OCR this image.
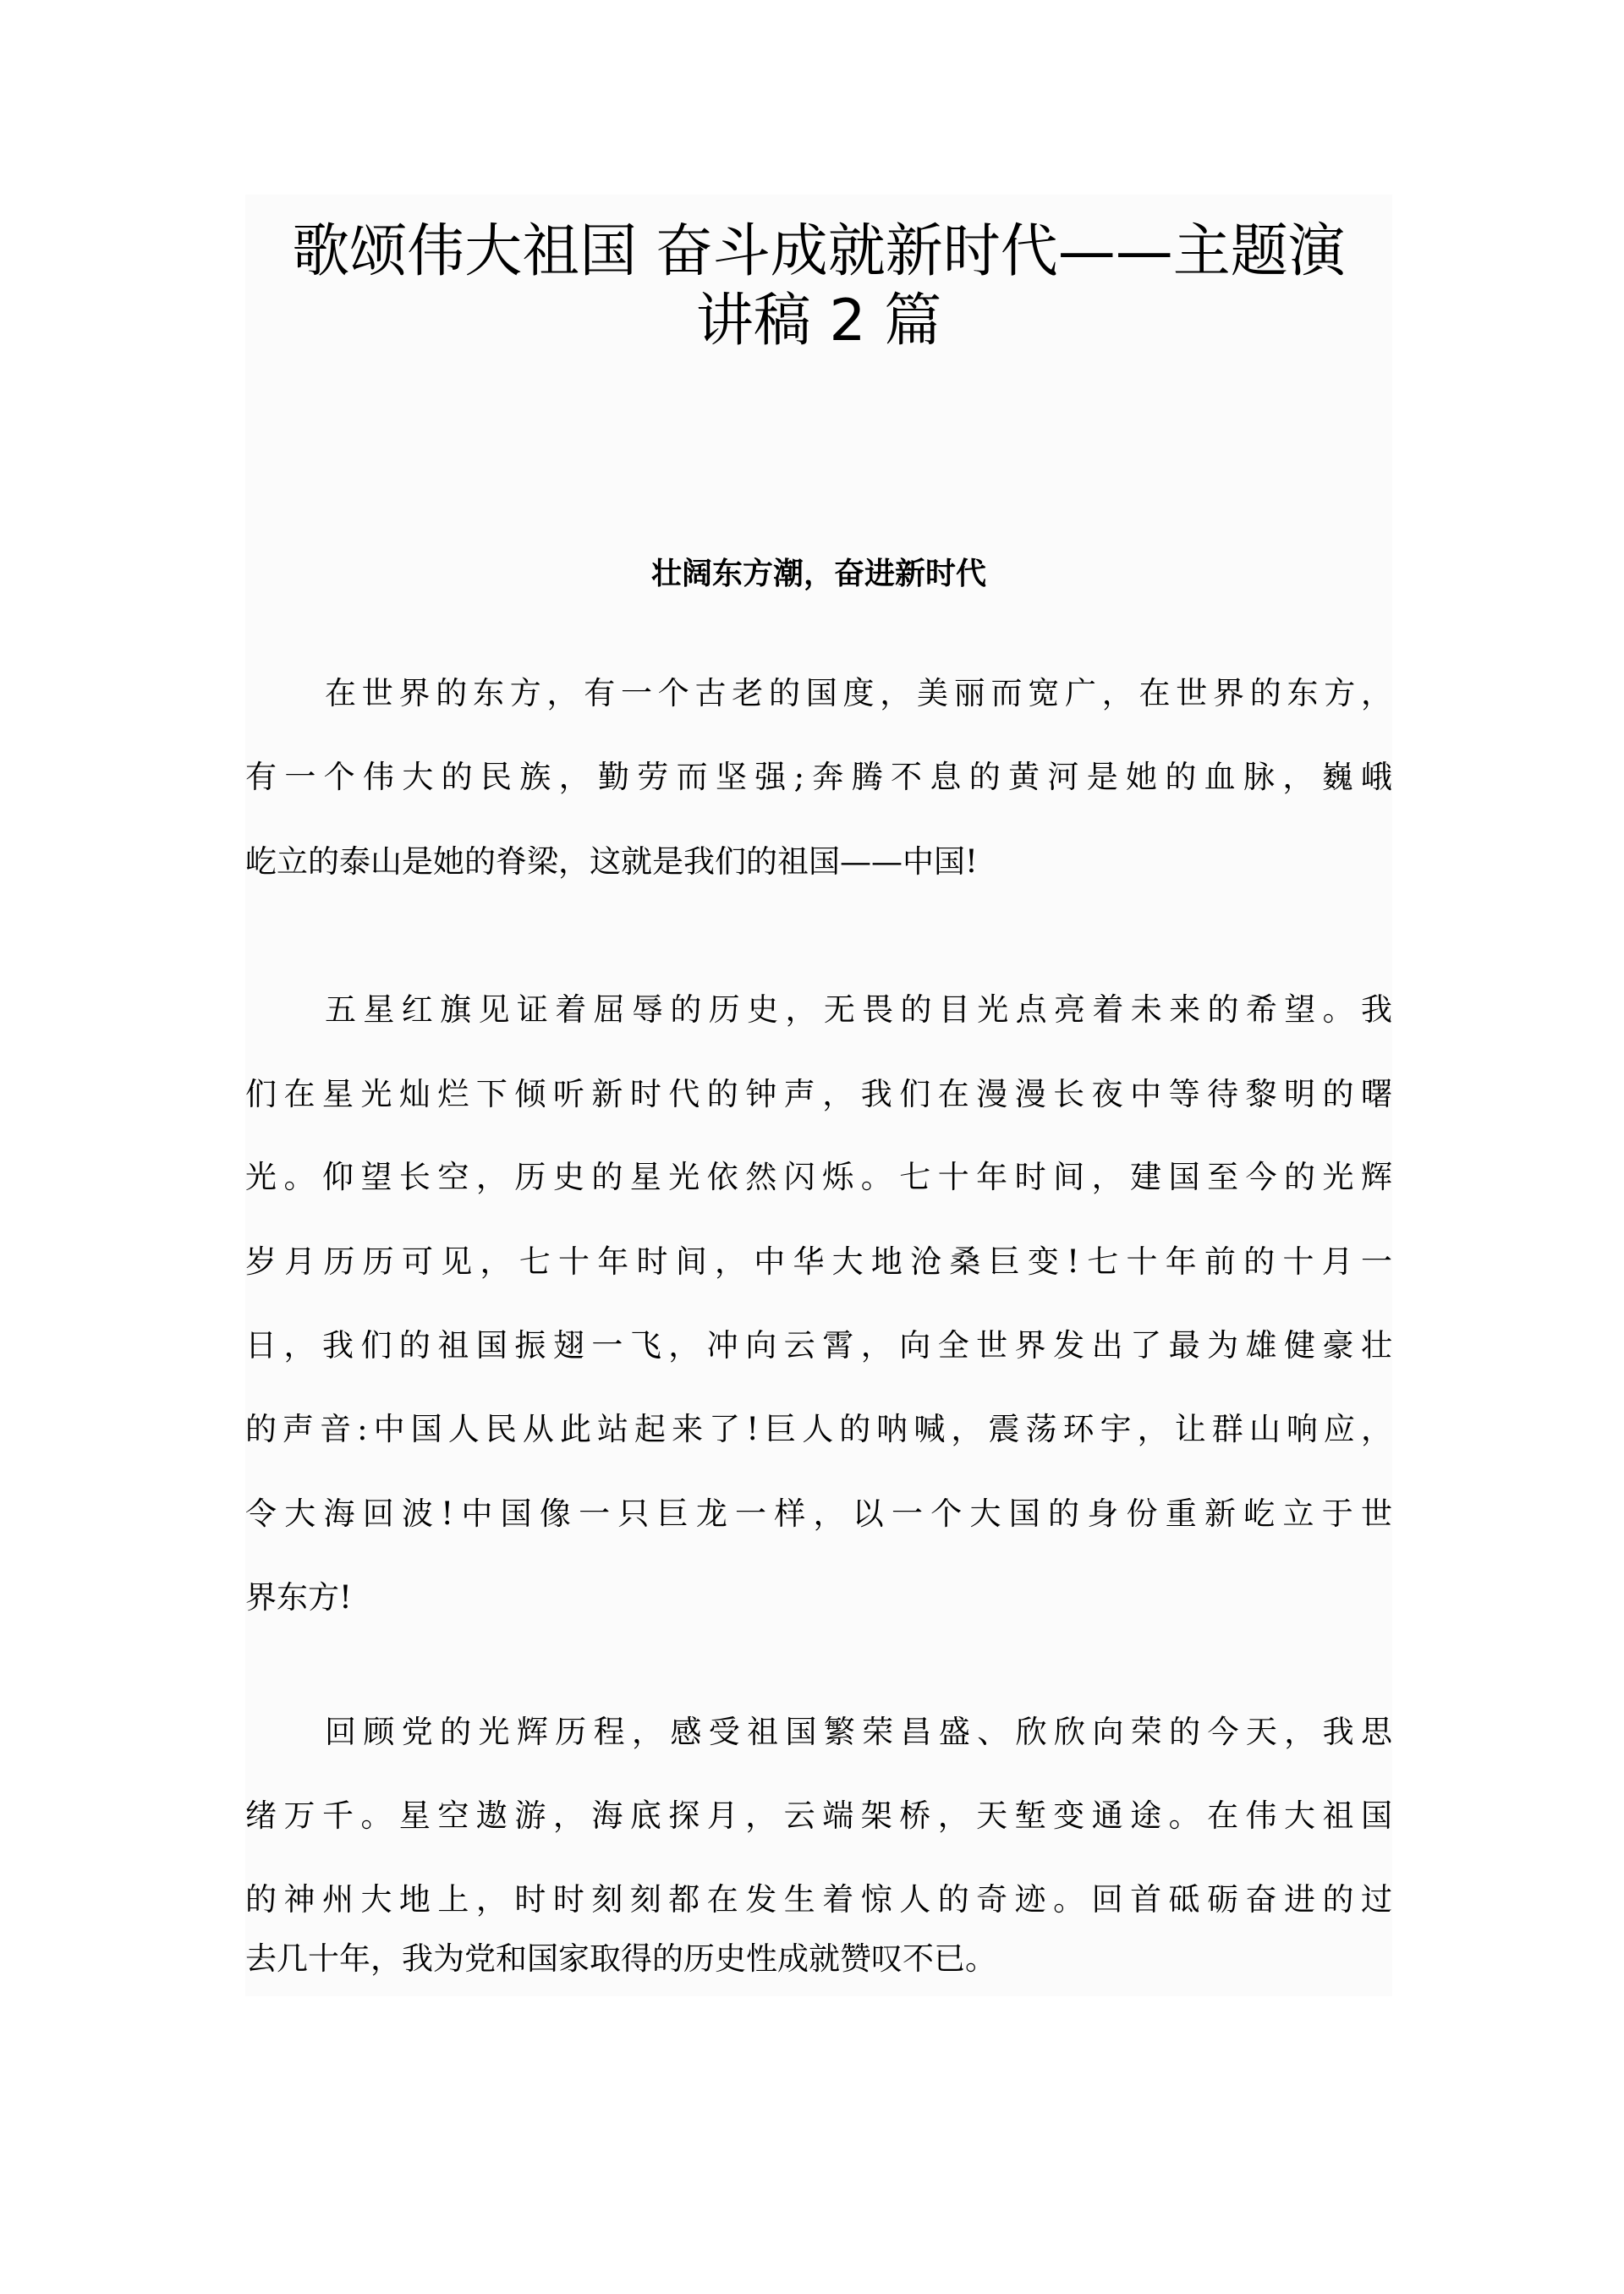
歌颂伟大祖国 奋斗成就新时代——主题演
讲稿 2 篇
壮阔东方潮，奋进新时代
在世界的东方，有一个古老的国度，美丽而宽广，在世界的东方，
有一个伟大的民族，勤劳而坚强;奔腾不息的黄河是她的血脉，巍峨
屹立的泰山是她的脊梁，这就是我们的祖国——中国!
五星红旗见证着屈辱的历史，无畏的目光点亮着未来的希望。我
们在星光灿烂下倾听新时代的钟声，我们在漫漫长夜中等待黎明的曙
光。仰望长空，历史的星光依然闪烁。七十年时间，建国至今的光辉
岁月历历可见，七十年时间，中华大地沧桑巨变!七十年前的十月一
日，我们的祖国振翅一飞，冲向云霄，向全世界发出了最为雄健豪壮
的声音:中国人民从此站起来了!巨人的呐喊，震荡环宇，让群山响应，
令大海回波!中国像一只巨龙一样，以一个大国的身份重新屹立于世
界东方!
回顾党的光辉历程，感受祖国繁荣昌盛、欣欣向荣的今天，我思
绪万千。星空遨游，海底探月，云端架桥，天堑变通途。在伟大祖国
的神州大地上，时时刻刻都在发生着惊人的奇迹。回首砥砺奋进的过
去几十年，我为党和国家取得的历史性成就赞叹不已。
